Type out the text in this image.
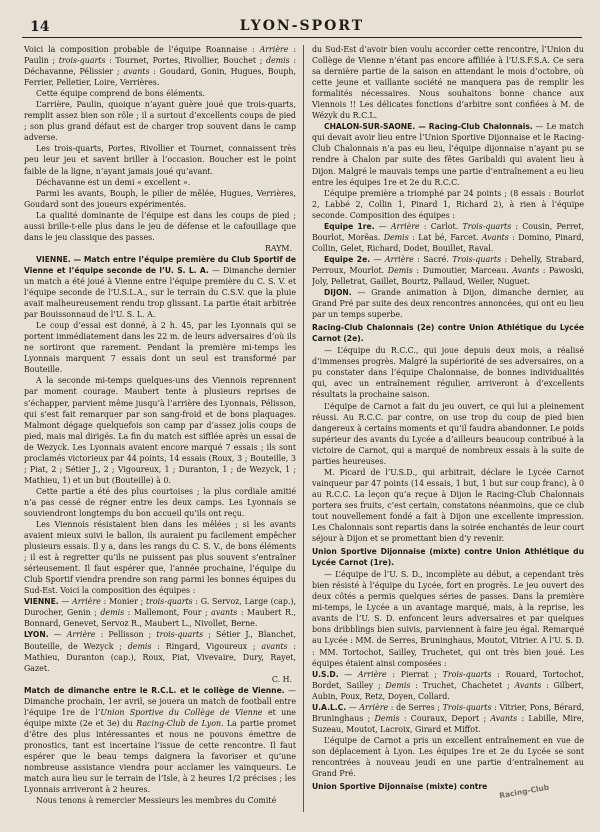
14	LYON-SPORT
Voici la composition probable de l’équipe Roannaise : Arrière : Paulin ; trois-quarts : Tournet, Portes, Rivollier, Bouchet ; demis : Déchavanne, Pélissier ; avants : Goudard, Gonin, Hugues, Bouph, Ferrier, Pelletier, Loire, Verrières.
Cette équipe comprend de bons éléments.
L’arrière, Paulin, quoique n’ayant guère joué que trois-quarts, remplit assez bien son rôle ; il a surtout d’excellents coups de pied ; son plus grand défaut est de charger trop souvent dans le camp adverse.
Les trois-quarts, Portes, Rivollier et Tournet, connaissent très peu leur jeu et savent briller à l’occasion. Boucher est le point faible de la ligne, n’ayant jamais joué qu’avant.
Déchavanne est un demi « excellent ».
Parmi les avants, Bouph, le pilier de mêlée, Hugues, Verrières, Goudard sont des joueurs expérimentés.
La qualité dominante de l’équipe est dans les coups de pied ; aussi brille-t-elle plus dans le jeu de défense et le cafouillage que dans le jeu classique des passes.
RAYM.
VIENNE. — Match entre l’équipe première du Club Sportif de Vienne et l’équipe seconde de l’U. S. L. A. — Dimanche dernier un match a été joué à Vienne entre l’équipe première du C. S. V. et l’équipe seconde de l’U.S.L.A., sur le terrain du C.S.V. que la pluie avait malheureusement rendu trop glissant. La partie était arbitrée par Bouissonnaud de l’U. S. L. A.
Le coup d’essai est donné, à 2 h. 45, par les Lyonnais qui se portent immédiatement dans les 22 m. de leurs adversaires d’où ils ne sortiront que rarement. Pendant la première mi-temps les Lyonnais marquent 7 essais dont un seul est transformé par Bouteille.
A la seconde mi-temps quelques-uns des Viennois reprennent par moment courage. Maubert tente à plusieurs reprises de s’échapper, parvient même jusqu’à l’arrière des Lyonnais, Pélisson, qui s’est fait remarquer par son sang-froid et de bons plaquages. Malmont dégage quelquefois son camp par d’assez jolis coups de pied, mais mal dirigés. La fin du match est sifflée après un essai de de Wezyck. Les Lyonnais avaient encore marqué 7 essais ; ils sont proclamés victorieux par 44 points, 14 essais (Roux, 3 ; Bouteille, 3 ; Piat, 2 ; Sétier J., 2 ; Vigoureux, 1 ; Duranton, 1 ; de Wezyck, 1 ; Mathieu, 1) et un but (Bouteille) à 0.
Cette partie a été des plus courtoises ; la plus cordiale amitié n’a pas cessé de régner entre les deux camps. Les Lyonnais se souviendront longtemps du bon accueil qu’ils ont reçu.
Les Viennois résistaient bien dans les mêlées ; si les avants avaient mieux suivi le ballon, ils auraient pu facilement empêcher plusieurs essais. Il y a, dans les rangs du C. S. V., de bons éléments ; il est à regretter qu’ils ne puissent pas plus souvent s’entraîner sérieusement. Il faut espérer que, l’année prochaine, l’équipe du Club Sportif viendra prendre son rang parmi les bonnes équipes du Sud-Est. Voici la composition des équipes :
VIENNE. — Arrière : Monier ; trois-quarts : G. Servoz, Large (cap.), Durocher, Genin ; demis : Mallemont, Four ; avants : Maubert R., Bonnard, Genevet, Servoz R., Maubert L., Nivollet, Berne.
LYON. — Arrière : Pellisson ; trois-quarts ; Sétier J., Blanchet, Bouteille, de Wezyck ; demis : Ringard, Vigoureux ; avants : Mathieu, Duranton (cap.), Roux, Piat, Vivevaire, Dury, Rayet, Gazet.
C. H.
Match de dimanche entre le R.C.L. et le collège de Vienne. — Dimanche prochain, 1er avril, se jouera un match de football entre l’équipe 1re de l’Union Sportive du Collège de Vienne et une équipe mixte (2e et 3e) du Racing-Club de Lyon. La partie promet d’être des plus intéressantes et nous ne pouvons émettre de pronostics, tant est incertaine l’issue de cette rencontre. Il faut espérer que le beau temps daignera la favoriser et qu’une nombreuse assistance viendra pour acclamer les vainqueurs. Le match aura lieu sur le terrain de l’Isle, à 2 heures 1/2 précises ; les Lyonnais arriveront à 2 heures.
Nous tenons à remercier Messieurs les membres du Comité
du Sud-Est d’avoir bien voulu accorder cette rencontre, l’Union du Collège de Vienne n’étant pas encore affiliée à l’U.S.F.S.A. Ce sera sa dernière partie de la saison en attendant le mois d’octobre, où cette jeune et vaillante société ne manquera pas de remplir les formalités nécessaires. Nous souhaitons bonne chance aux Viennois !! Les délicates fonctions d’arbitre sont confiées à M. de Wézyk du R.C.L.
CHALON-SUR-SAONE. — Racing-Club Chalonnais. — Le match qui devait avoir lieu entre l’Union Sportive Dijonnaise et le Racing-Club Chalonnais n’a pas eu lieu, l’équipe dijonnaise n’ayant pu se rendre à Chalon par suite des fêtes Garibaldi qui avaient lieu à Dijon. Malgré le mauvais temps une partie d’entraînement a eu lieu entre les équipes 1re et 2e du R.C.C.
L’équipe première a triomphé par 24 points ; (8 essais : Bourlot 2, Labbé 2, Collin 1, Pinard 1, Richard 2), à rien à l’équipe seconde. Composition des équipes :
Equipe 1re. — Arrière : Carlot. Trois-quarts : Cousin, Perret, Bourlot, Morêas. Demis : Lat bé, Farcet. Avants : Domino, Pinard, Collin, Gelet, Richard, Dodet, Bouillet, Raval.
Equipe 2e. — Arrière : Sacré. Trois-quarts : Dehelly, Strabard, Perroux, Mourlot. Demis : Dumoutier, Marceau. Avants : Pawoski, Joly, Pelletrat, Gaillet, Bourtz, Pallaud, Weiler, Nuguet.
DIJON. — Grande animation à Dijon, dimanche dernier, au Grand Pré par suite des deux rencontres annoncées, qui ont eu lieu par un temps superbe.
Racing-Club Chalonnais (2e) contre Union Athlétique du Lycée Carnot (2e).
— L’équipe du R.C.C., qui joue depuis deux mois, a réalisé d’immenses progrès. Malgré la supériorité de ses adversaires, on a pu constater dans l’équipe Chalonnaise, de bonnes individualités qui, avec un entraînement régulier, arriveront à d’excellents résultats la prochaine saison.
L’équipe de Carnot a fait du jeu ouvert, ce qui lui a pleinement réussi. Au R.C.C. par contre, on use trop du coup de pied bien dangereux à certains moments et qu’il faudra abandonner. Le poids supérieur des avants du Lycée a d’ailleurs beaucoup contribué à la victoire de Carnot, qui a marqué de nombreux essais à la suite de parties heureuses.
M. Picard de l’U.S.D., qui arbitrait, déclare le Lycée Carnot vainqueur par 47 points (14 essais, 1 but, 1 but sur coup franc), à 0 au R.C.C. La leçon qu’a reçue à Dijon le Racing-Club Chalonnais portera ses fruits, c’est certain, constatons néanmoins, que ce club tout nouvellement fondé a fait à Dijon une excellente impression. Les Chalonnais sont repartis dans la soirée enchantés de leur court séjour à Dijon et se promettant bien d’y revenir.
Union Sportive Dijonnaise (mixte) contre Union Athlétique du Lycée Carnot (1re).
— L’équipe de l’U. S. D., incomplète au début, a cependant très bien résisté à l’équipe du Lycée, fort en progrès. Le jeu ouvert des deux côtés a permis quelques séries de passes. Dans la première mi-temps, le Lycée a un avantage marqué, mais, à la reprise, les avants de l’U. S. D. enfoncent leurs adversaires et par quelques bons dribblings bien suivis, parviennent à faire jeu égal. Remarqué au Lycée : MM. de Serres, Bruninghaus, Moutot, Vitrier. A l’U. S. D. : MM. Tortochot, Sailley, Truchetet, qui ont très bien joué. Les équipes étaient ainsi composées :
U.S.D. — Arrière : Pierrat ; Trois-quarts : Rouard, Tortochot, Bordet, Sailley ; Demis : Truchet, Chachetet ; Avants : Gilbert, Aubin, Poux, Retz, Doyen, Collard.
U.A.L.C. — Arrière : de Serres ; Trois-quarts : Vitrier, Pons, Bérard, Bruninghaus ; Demis : Couraux, Deport ; Avants : Labille, Mire, Suzeau, Moutot, Lacroix, Girard et Miffot.
L’équipe de Carnot a pris un excellent entraînement en vue de son déplacement à Lyon. Les équipes 1re et 2e du Lycée se sont rencontrées à nouveau jeudi en une partie d’entraînement au Grand Pré.
Union Sportive Dijonnaise (mixte) contre	Racing-Club
